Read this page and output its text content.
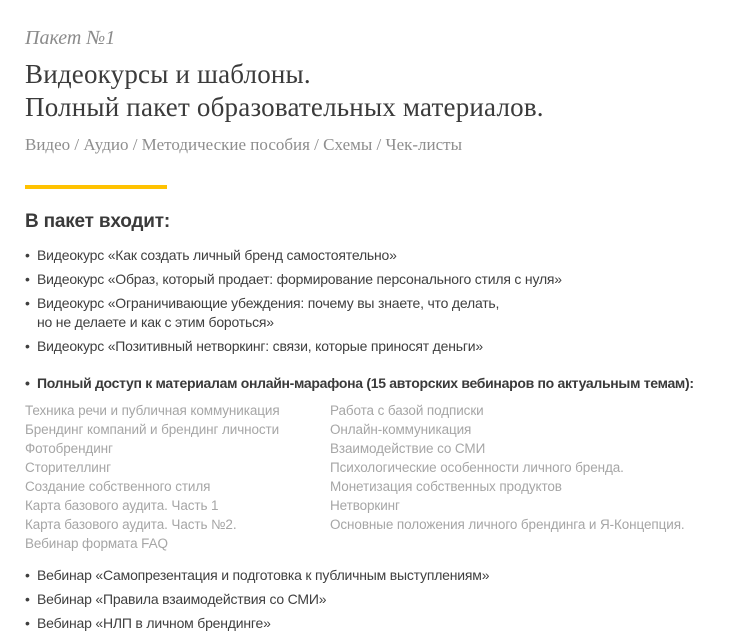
Пакет №1
Видеокурсы и шаблоны.
Полный пакет образовательных материалов.
Видео / Аудио / Методические пособия / Схемы / Чек-листы
В пакет входит:
• Видеокурс «Как создать личный бренд самостоятельно»
• Видеокурс «Образ, который продает: формирование персонального стиля с нуля»
• Видеокурс «Ограничивающие убеждения: почему вы знаете, что делать,
но не делаете и как с этим бороться»
• Видеокурс «Позитивный нетворкинг: связи, которые приносят деньги»
• Полный доступ к материалам онлайн-марафона (15 авторских вебинаров по актуальным темам):
Техника речи и публичная коммуникация
Брендинг компаний и брендинг личности
Фотобрендинг
Сторителлинг
Создание собственного стиля
Карта базового аудита. Часть 1
Карта базового аудита. Часть №2.
Вебинар формата FAQ
Работа с базой подписки
Онлайн-коммуникация
Взаимодействие со СМИ
Психологические особенности личного бренда.
Монетизация собственных продуктов
Нетворкинг
Основные положения личного брендинга и Я-Концепция.
• Вебинар «Самопрезентация и подготовка к публичным выступлениям»
• Вебинар «Правила взаимодействия со СМИ»
• Вебинар «НЛП в личном брендинге»
